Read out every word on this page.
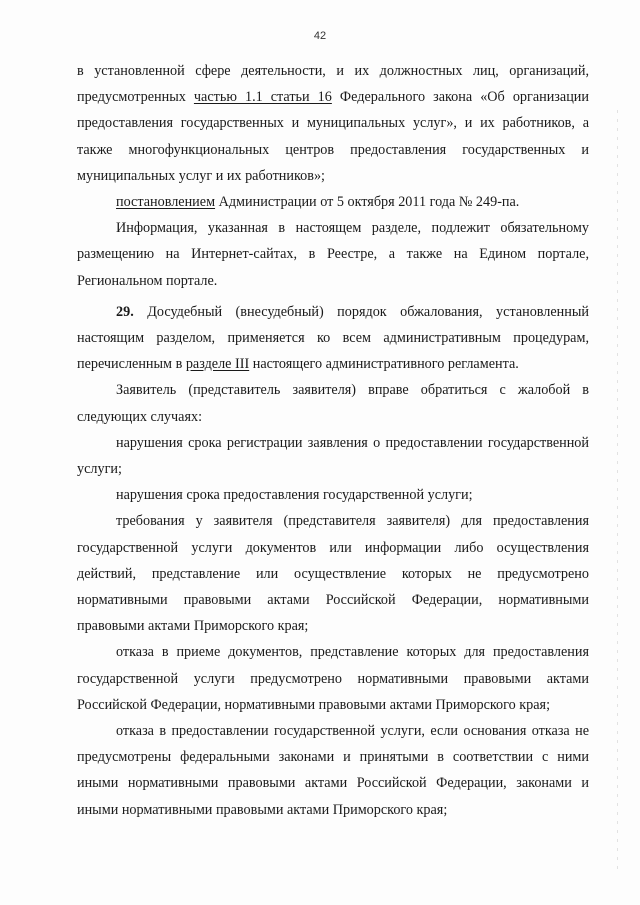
42

в установленной сфере деятельности, и их должностных лиц, организаций, предусмотренных частью 1.1 статьи 16 Федерального закона «Об организации предоставления государственных и муниципальных услуг», и их работников, а также многофункциональных центров предоставления государственных и муниципальных услуг и их работников»;

постановлением Администрации от 5 октября 2011 года № 249-па.

Информация, указанная в настоящем разделе, подлежит обязательному размещению на Интернет-сайтах, в Реестре, а также на Едином портале, Региональном портале.

29. Досудебный (внесудебный) порядок обжалования, установленный настоящим разделом, применяется ко всем административным процедурам, перечисленным в разделе III настоящего административного регламента.

Заявитель (представитель заявителя) вправе обратиться с жалобой в следующих случаях:

нарушения срока регистрации заявления о предоставлении государственной услуги;

нарушения срока предоставления государственной услуги;

требования у заявителя (представителя заявителя) для предоставления государственной услуги документов или информации либо осуществления действий, представление или осуществление которых не предусмотрено нормативными правовыми актами Российской Федерации, нормативными правовыми актами Приморского края;

отказа в приеме документов, представление которых для предоставления государственной услуги предусмотрено нормативными правовыми актами Российской Федерации, нормативными правовыми актами Приморского края;

отказа в предоставлении государственной услуги, если основания отказа не предусмотрены федеральными законами и принятыми в соответствии с ними иными нормативными правовыми актами Российской Федерации, законами и иными нормативными правовыми актами Приморского края;
